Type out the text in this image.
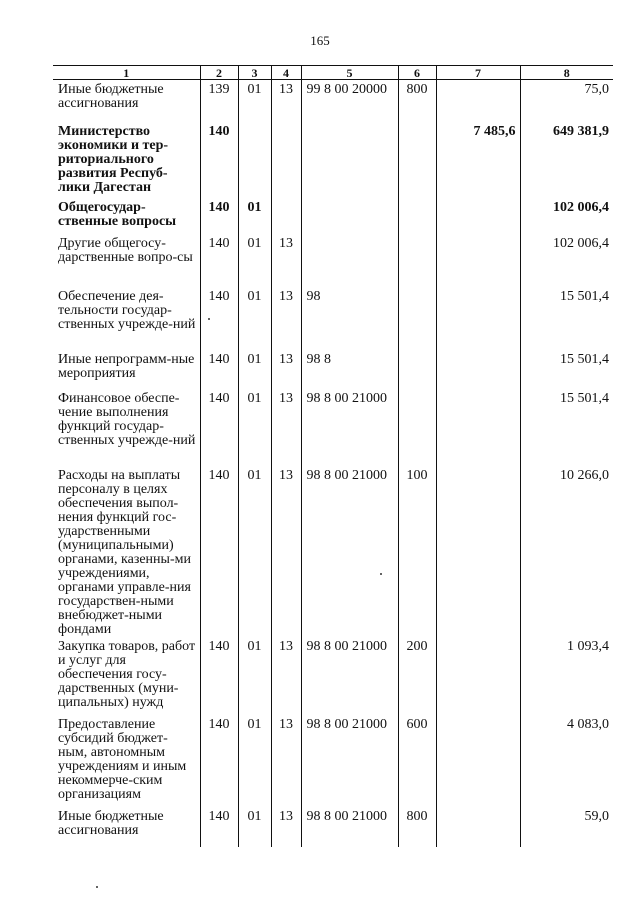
165
1	2	3	4	5	6	7	8
Иные бюджетные ассигнования	139	01	13	99 8 00 20000	800		75,0
Министерство экономики и тер-риториального развития Респуб-лики Дагестан	140					7 485,6	649 381,9
Общегосудар-ственные вопросы	140	01					102 006,4
Другие общегосу-дарственные вопро-сы	140	01	13				102 006,4
Обеспечение дея-тельности государ-ственных учрежде-ний	140	01	13	98			15 501,4
Иные непрограмм-ные мероприятия	140	01	13	98 8			15 501,4
Финансовое обеспе-чение выполнения функций государ-ственных учрежде-ний	140	01	13	98 8 00 21000			15 501,4
Расходы на выплаты персоналу в целях обеспечения выпол-нения функций гос-ударственными (муниципальными) органами, казенны-ми учреждениями, органами управле-ния государствен-ными внебюджет-ными фондами	140	01	13	98 8 00 21000	100		10 266,0
Закупка товаров, работ и услуг для обеспечения госу-дарственных (муни-ципальных) нужд	140	01	13	98 8 00 21000	200		1 093,4
Предоставление субсидий бюджет-ным, автономным учреждениям и иным некоммерче-ским организациям	140	01	13	98 8 00 21000	600		4 083,0
Иные бюджетные ассигнования	140	01	13	98 8 00 21000	800		59,0
